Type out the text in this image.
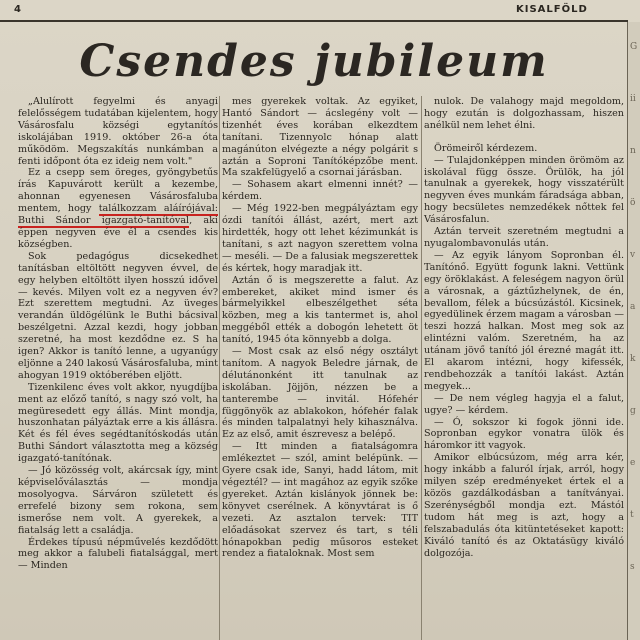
4	KISALFÖLD
Csendes jubileum

„Alulírott fegyelmi és anyagi felelősségem tudatában kijelentem, hogy Vásárosfalu községi egytanítós iskolájában 1919. október 26-a óta működöm. Megszakítás nunkámban a fenti időpont óta ez ideig nem volt."

Ez a csepp sem öreges, gyöngybetűs írás Kapuvárott került a kezembe, ahonnan egyenesen Vásárosfaluba mentem, hogy találkozzam aláírójával: Buthi Sándor igazgató-tanítóval, aki éppen negyven éve él a csendes kis községben.

Sok pedagógus dicsekedhet tanításban eltöltött negyven évvel, de egy helyben eltöltött ilyen hosszú idővel — kevés. Milyen volt ez a negyven év? Ezt szerettem megtudni. Az üveges verandán üldögélünk le Buthi bácsival beszélgetni. Azzal kezdi, hogy jobban szeretné, ha most kezdődne ez. S ha igen? Akkor is tanító lenne, a ugyanúgy eljönne a 240 lakosú Vásárosfaluba, mint ahogyan 1919 októberében eljött.

Tizenkilenc éves volt akkor, nyugdíjba ment az előző tanító, s nagy szó volt, ha megüresedett egy állás. Mint mondja, huszonhatan pályáztak erre a kis állásra. Két és fél éves segédtanítóskodás után Buthi Sándort választotta meg a község igazgató-tanítónak.

— Jó közösség volt, akárcsak így, mint képviselőválasztás — mondja mosolyogva. Sárváron született és errefelé bizony sem rokona, sem ismerőse nem volt. A gyerekek, a fiatalság lett a családja.

Érdekes típusú népművelés kezdődött meg akkor a falubeli fiatalsággal, mert — Minden

mes gyerekek voltak. Az egyiket, Hantó Sándort — ácslegény volt — tizenhét éves korában elkezdtem tanítani. Tizennyolc hónap alatt magánúton elvégezte a négy polgárit s aztán a Soproni Tanítóképzőbe ment. Ma szakfelügyelő a csornai járásban.

— Sohasem akart elmenni innét? — kérdem.

— Még 1922-ben megpályáztam egy ózdi tanítói állást, azért, mert azt hirdették, hogy ott lehet kézimunkát is tanítani, s azt nagyon szerettem volna — meséli. — De a falusiak megszerettek és kértek, hogy maradjak itt.

Aztán ő is megszerette a falut. Az embereket, akiket mind ismer és bármelyikkel elbeszélgethet séta közben, meg a kis tantermet is, ahol meggéből ették a dobogón lehetett öt tanító, 1945 óta könnyebb a dolga.

— Most csak az első négy osztályt tanítom. A nagyok Beledre járnak, de délutánonként itt tanulnak az iskolában. Jöjjön, nézzen be a tanterembe — invitál. Hófehér függönyök az ablakokon, hófehér falak és minden talpalatnyi hely kihasználva. Ez az első, amit észrevesz a belépő.

— Itt minden a fiatalságomra emlékeztet — szól, amint belépünk. — Gyere csak ide, Sanyi, hadd látom, mit végeztél? — int magához az egyik szőke gyereket. Aztán kislányok jönnek be: könyvet cserélnek. A könyvtárat is ő vezeti. Az asztalon tervek: TIT előadásokat szervez és tart, s téli hónapokban pedig műsoros esteket rendez a fiataloknak. Most sem

nulok. De valahogy majd megoldom, hogy ezután is dolgozhassam, hiszen anélkül nem lehet élni.

Örömeiről kérdezem.

— Tulajdonképpen minden örömöm az iskolával függ össze. Örülök, ha jól tanulnak a gyerekek, hogy visszatérült negyven éves munkám fáradsága abban, hogy becsületes nemzedékek nőttek fel Vásárosfalun.

Aztán terveit szeretném megtudni a nyugalombavonulás után.

— Az egyik lányom Sopronban él. Tanítónő. Együtt fogunk lakni. Vettünk egy öröklakást. A feleségem nagyon örül a városnak, a gáztűzhelynek, de én, bevallom, félek a búcsúzástól. Kicsinek, egyedülinek érzem magam a városban — teszi hozzá halkan. Most meg sok az elintézni valóm. Szeretném, ha az utánam jövő tanító jól érezné magát itt. El akarom intézni, hogy kifessék, rendbehozzák a tanítói lakást. Aztán megyek...

— De nem végleg hagyja el a falut, ugye? — kérdem.

— Ó, sokszor ki fogok jönni ide. Sopronban egykor vonatra ülök és háromkor itt vagyok.

Amikor elbúcsúzom, még arra kér, hogy inkább a faluról írjak, arról, hogy milyen szép eredményeket értek el a közös gazdálkodásban a tanítványai. Szerénységből mondja ezt. Mástól tudom hát meg is azt, hogy a felszabadulás óta kitüntetéseket kapott: Kiváló tanító és az Oktatásügy kiváló dolgozója.

G
ii
n
ö
v
a
k
g
e
t
s
